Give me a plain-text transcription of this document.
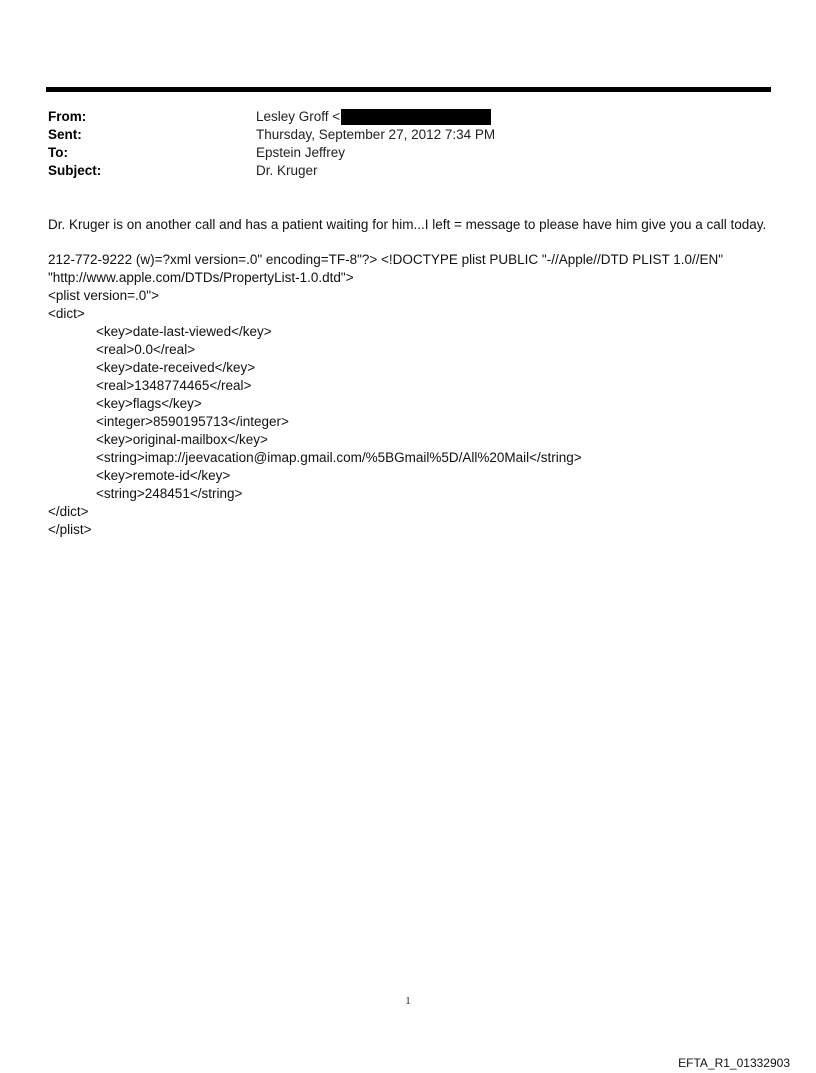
From:	Lesley Groff <
Sent:	Thursday, September 27, 2012 7:34 PM
To:	Epstein Jeffrey
Subject:	Dr. Kruger

Dr. Kruger is on another call and has a patient waiting for him...I left = message to please have him give you a call today.

212-772-9222 (w)=?xml version=.0" encoding=TF-8"?> <!DOCTYPE plist PUBLIC "-//Apple//DTD PLIST 1.0//EN"
"http://www.apple.com/DTDs/PropertyList-1.0.dtd">
<plist version=.0">
<dict>
<key>date-last-viewed</key>
<real>0.0</real>
<key>date-received</key>
<real>1348774465</real>
<key>flags</key>
<integer>8590195713</integer>
<key>original-mailbox</key>
<string>imap://jeevacation@imap.gmail.com/%5BGmail%5D/All%20Mail</string>
<key>remote-id</key>
<string>248451</string>
</dict>
</plist>
1
EFTA_R1_01332903
